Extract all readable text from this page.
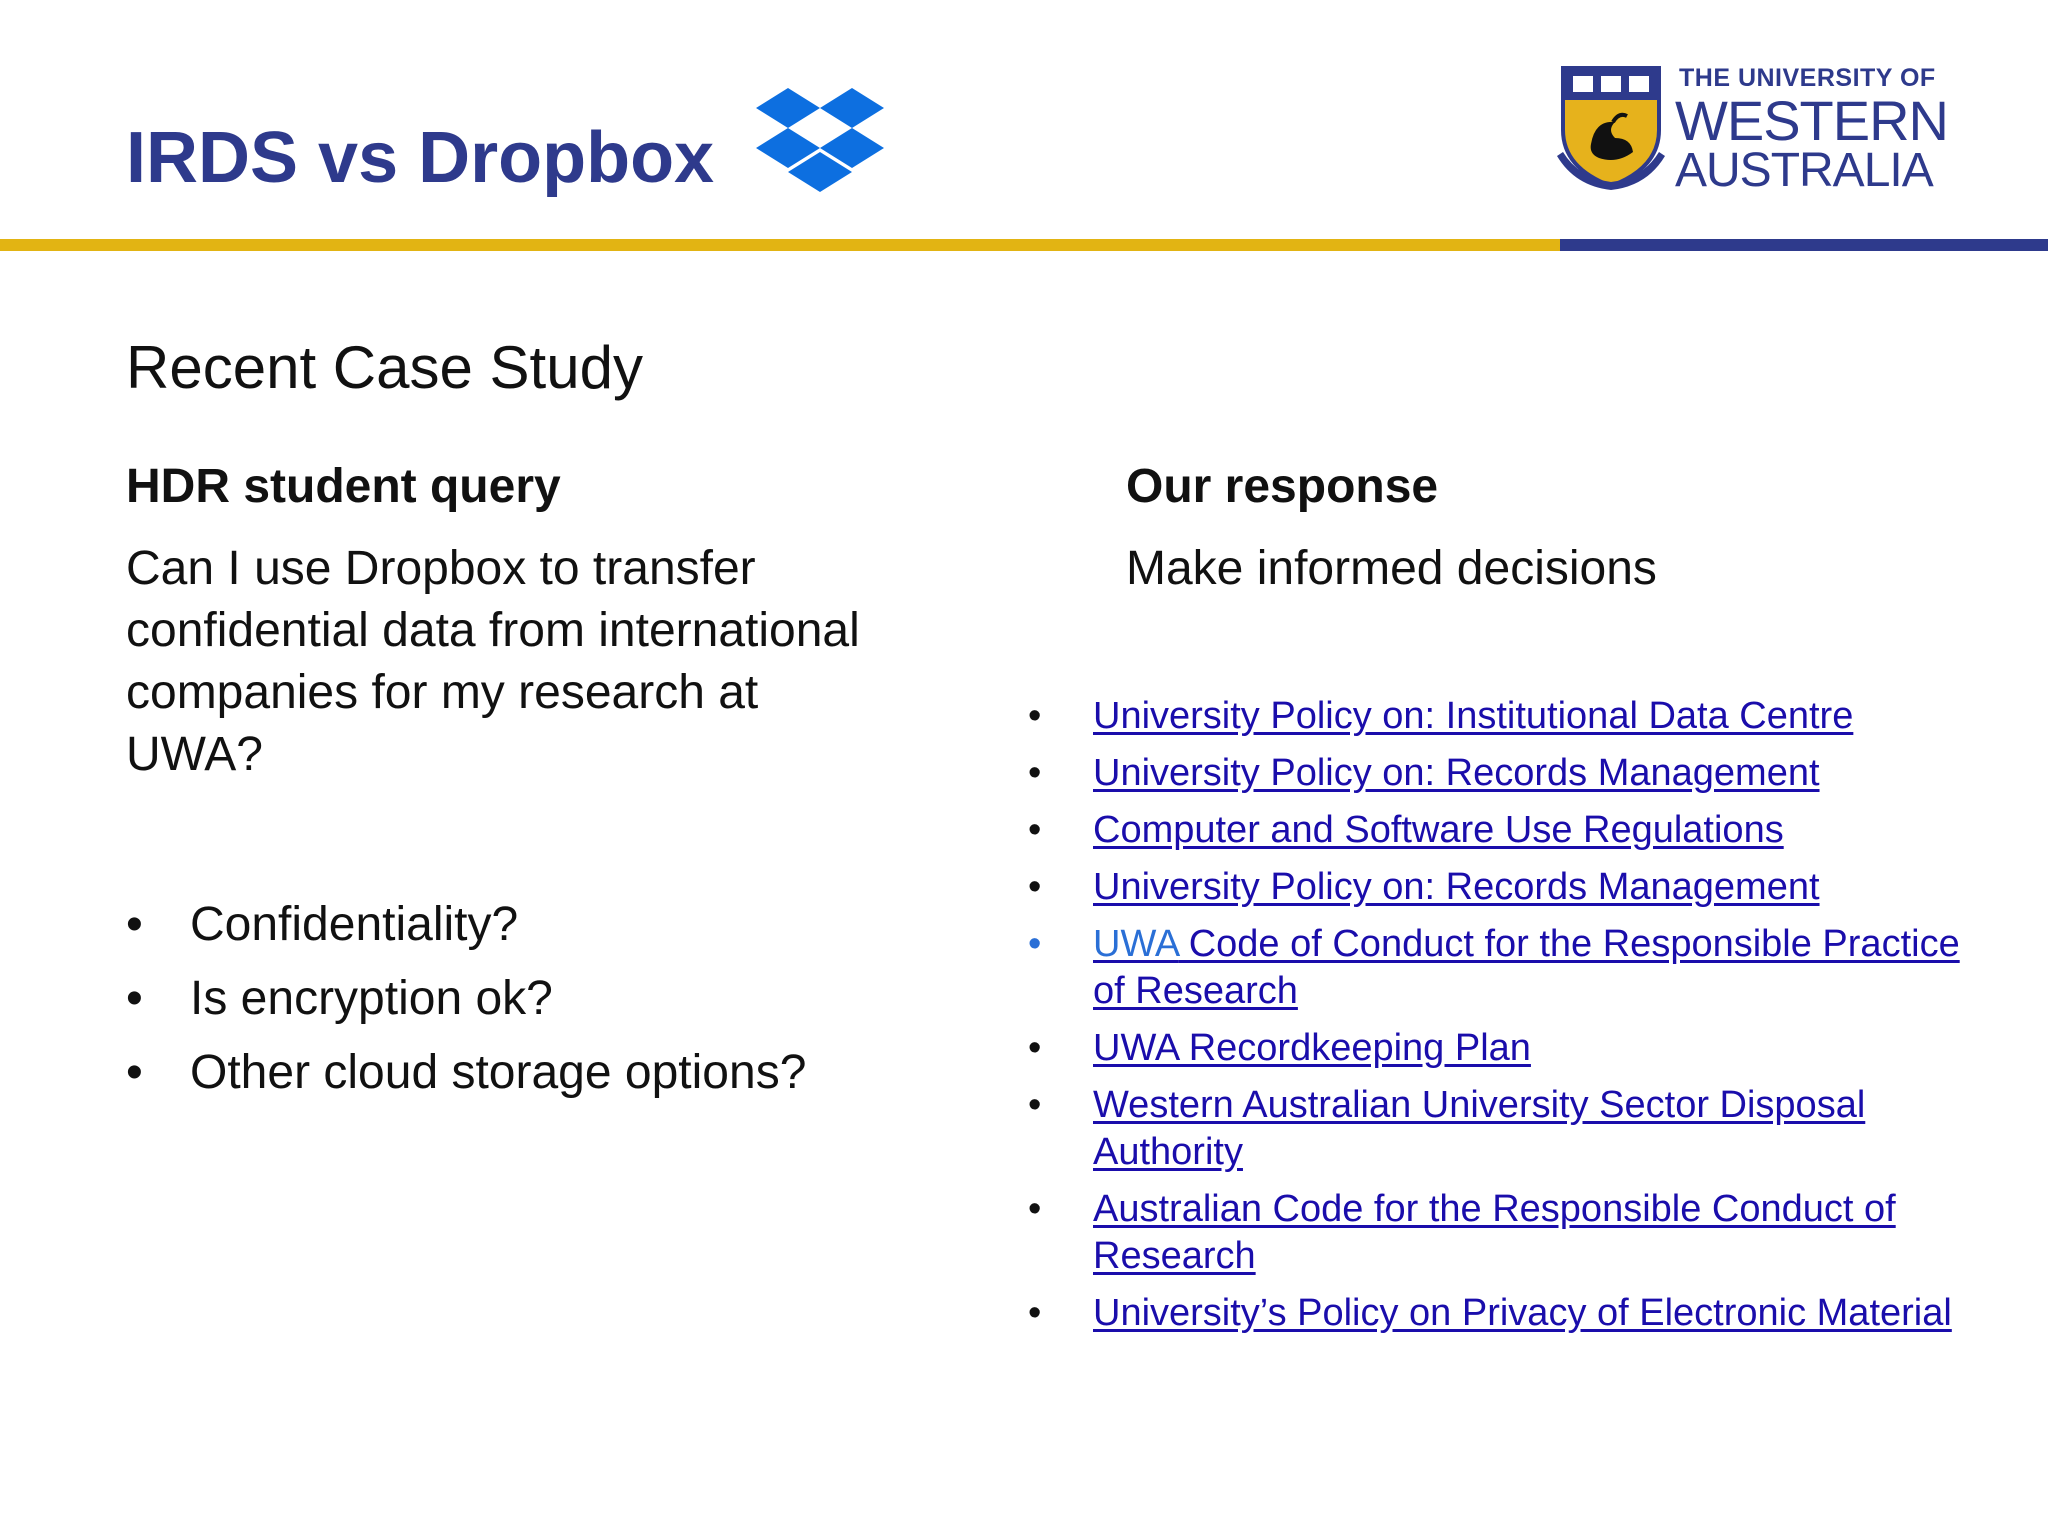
IRDS vs Dropbox
THE UNIVERSITY OF
WESTERN
AUSTRALIA
Recent Case Study
HDR student query

Can I use Dropbox to transfer confidential data from international companies for my research at UWA?

• Confidentiality?
• Is encryption ok?
• Other cloud storage options?
Our response

Make informed decisions

• University Policy on: Institutional Data Centre
• University Policy on: Records Management
• Computer and Software Use Regulations
• University Policy on: Records Management
• UWA Code of Conduct for the Responsible Practice of Research
• UWA Recordkeeping Plan
• Western Australian University Sector Disposal Authority
• Australian Code for the Responsible Conduct of Research
• University’s Policy on Privacy of Electronic Material
